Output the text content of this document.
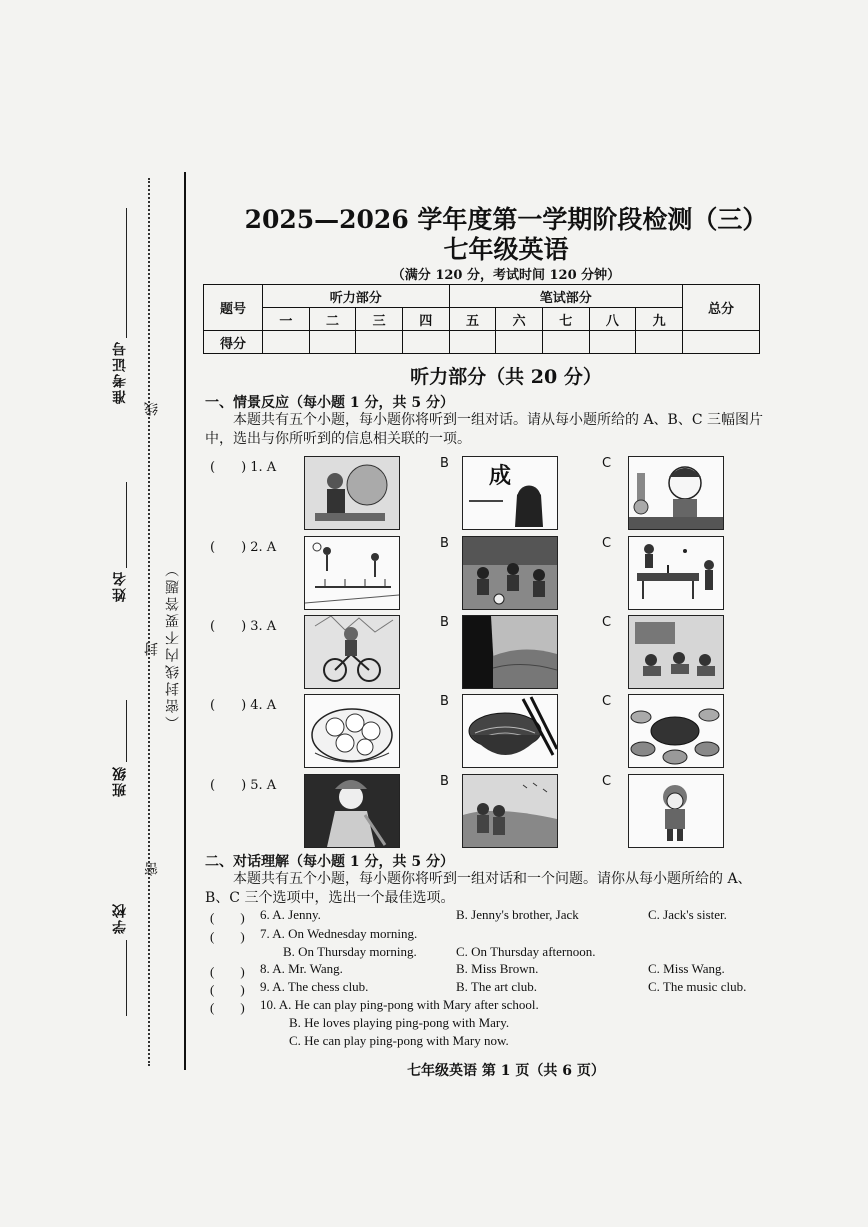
准考证号
线
姓名	（密封线内不要答题）
封
班级
密
学校
2025—2026 学年度第一学期阶段检测（三）
七年级英语
（满分 120 分，考试时间 120 分钟）
题号	听力部分				笔试部分					总分
	一	二	三	四	五	六	七	八	九	
得分										
听力部分（共 20 分）
一、情景反应（每小题 1 分，共 5 分）
本题共有五个小题，每小题你将听到一组对话。请从每小题所给的 A、B、C 三幅图片中，选出与你所听到的信息相关联的一项。
(　　) 1. A	B	C
成
(　　) 2. A	B	C
(　　) 3. A	B	C
(　　) 4. A	B	C
(　　) 5. A	B	C
二、对话理解（每小题 1 分，共 5 分）
本题共有五个小题，每小题你将听到一组对话和一个问题。请你从每小题所给的 A、B、C 三个选项中，选出一个最佳选项。
(　　) 6. A. Jenny.	B. Jenny's brother, Jack	C. Jack's sister.
(　　) 7. A. On Wednesday morning.
B. On Thursday morning.	C. On Thursday afternoon.
(　　) 8. A. Mr. Wang.	B. Miss Brown.	C. Miss Wang.
(　　) 9. A. The chess club.	B. The art club.	C. The music club.
(　　) 10. A. He can play ping-pong with Mary after school.
B. He loves playing ping-pong with Mary.
C. He can play ping-pong with Mary now.
七年级英语 第 1 页（共 6 页）
